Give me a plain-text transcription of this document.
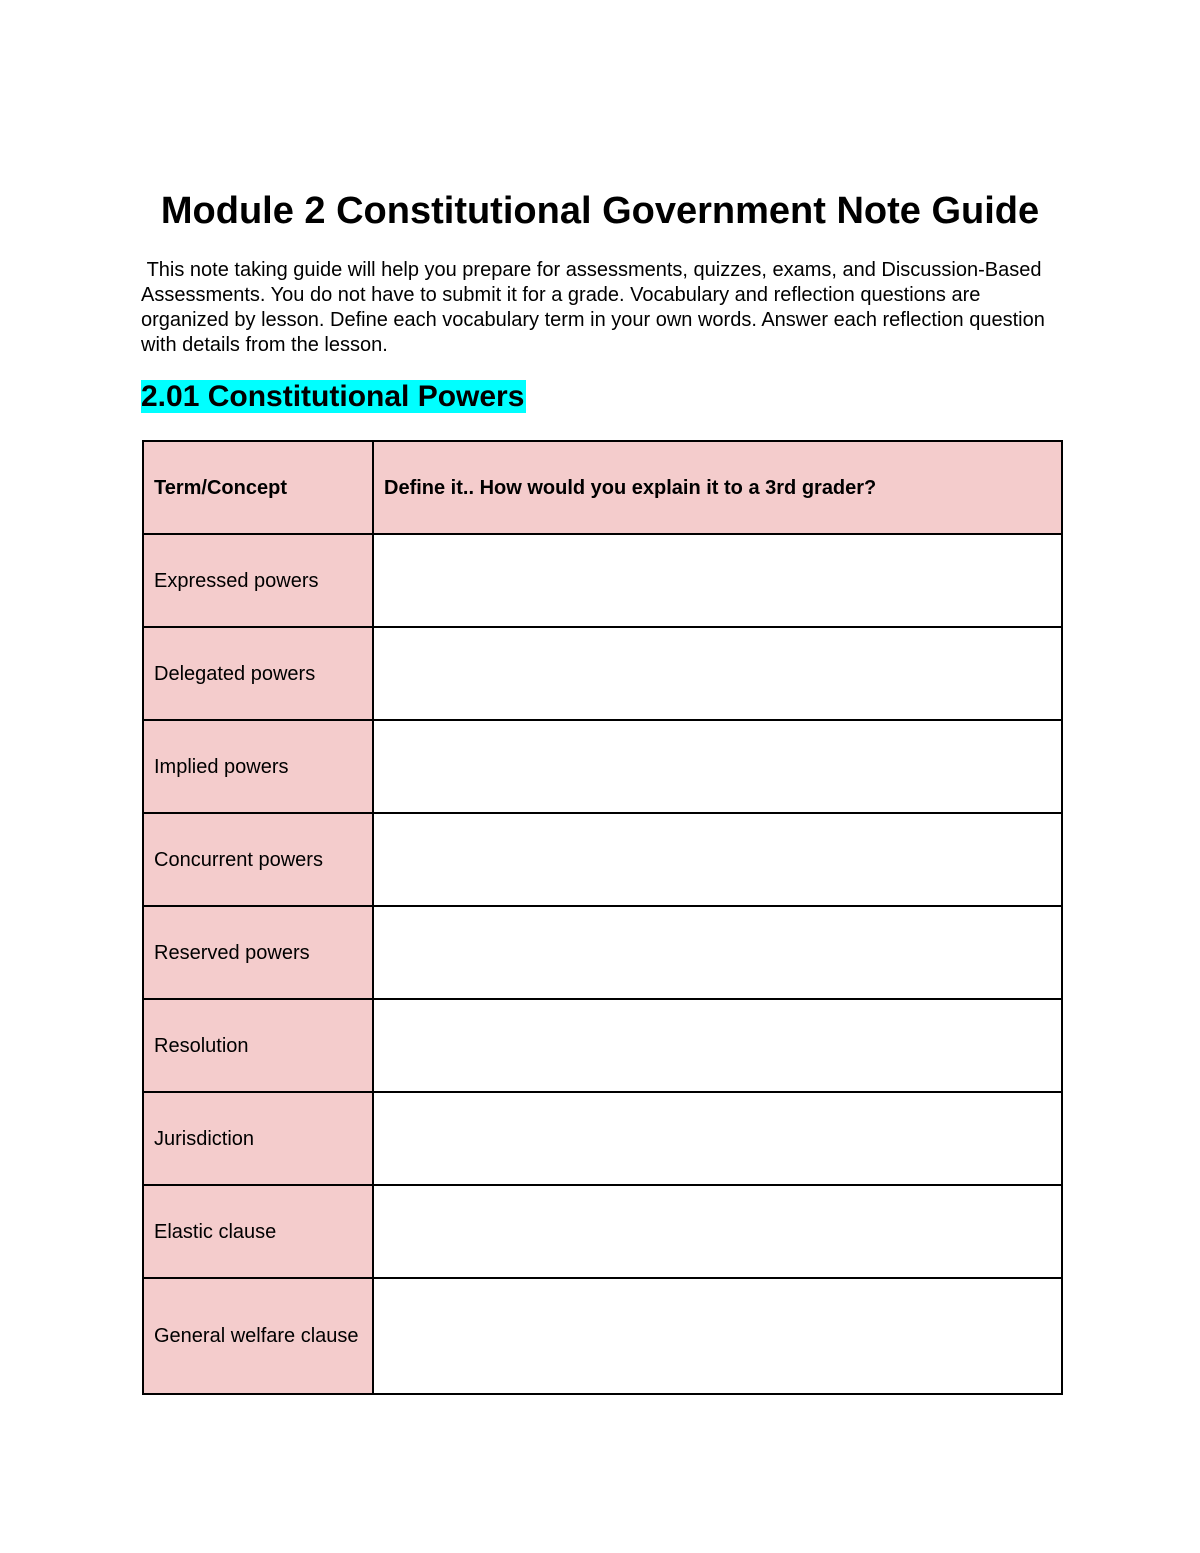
Module 2 Constitutional Government Note Guide

This note taking guide will help you prepare for assessments, quizzes, exams, and Discussion-Based Assessments. You do not have to submit it for a grade. Vocabulary and reflection questions are organized by lesson. Define each vocabulary term in your own words. Answer each reflection question with details from the lesson.

2.01 Constitutional Powers
Term/Concept	Define it.. How would you explain it to a 3rd grader?
Expressed powers	
Delegated powers	
Implied powers	
Concurrent powers	
Reserved powers	
Resolution	
Jurisdiction	
Elastic clause	
General welfare clause	
